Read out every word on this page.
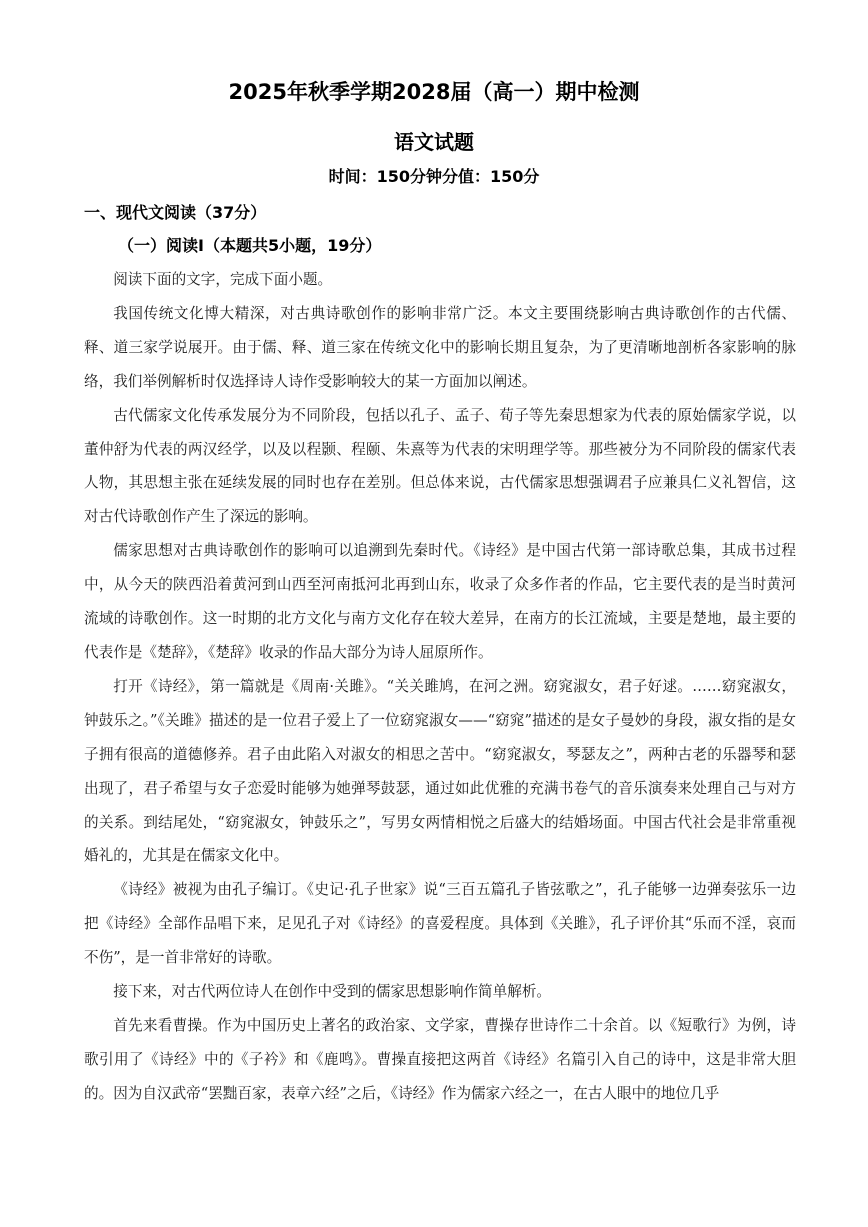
2025年秋季学期2028届（高一）期中检测
语文试题
时间：150分钟分值：150分
一、现代文阅读（37分）
（一）阅读Ⅰ（本题共5小题，19分）

阅读下面的文字，完成下面小题。

我国传统文化博大精深，对古典诗歌创作的影响非常广泛。本文主要围绕影响古典诗歌创作的古代儒、释、道三家学说展开。由于儒、释、道三家在传统文化中的影响长期且复杂，为了更清晰地剖析各家影响的脉络，我们举例解析时仅选择诗人诗作受影响较大的某一方面加以阐述。

古代儒家文化传承发展分为不同阶段，包括以孔子、孟子、荀子等先秦思想家为代表的原始儒家学说，以董仲舒为代表的两汉经学，以及以程颢、程颐、朱熹等为代表的宋明理学等。那些被分为不同阶段的儒家代表人物，其思想主张在延续发展的同时也存在差别。但总体来说，古代儒家思想强调君子应兼具仁义礼智信，这对古代诗歌创作产生了深远的影响。

儒家思想对古典诗歌创作的影响可以追溯到先秦时代。《诗经》是中国古代第一部诗歌总集，其成书过程中，从今天的陕西沿着黄河到山西至河南抵河北再到山东，收录了众多作者的作品，它主要代表的是当时黄河流域的诗歌创作。这一时期的北方文化与南方文化存在较大差异，在南方的长江流域，主要是楚地，最主要的代表作是《楚辞》，《楚辞》收录的作品大部分为诗人屈原所作。

打开《诗经》，第一篇就是《周南·关雎》。“关关雎鸠，在河之洲。窈窕淑女，君子好逑。……窈窕淑女，钟鼓乐之。”《关雎》描述的是一位君子爱上了一位窈窕淑女——“窈窕”描述的是女子曼妙的身段，淑女指的是女子拥有很高的道德修养。君子由此陷入对淑女的相思之苦中。“窈窕淑女，琴瑟友之”，两种古老的乐器琴和瑟出现了，君子希望与女子恋爱时能够为她弹琴鼓瑟，通过如此优雅的充满书卷气的音乐演奏来处理自己与对方的关系。到结尾处，“窈窕淑女，钟鼓乐之”，写男女两情相悦之后盛大的结婚场面。中国古代社会是非常重视婚礼的，尤其是在儒家文化中。

《诗经》被视为由孔子编订。《史记·孔子世家》说“三百五篇孔子皆弦歌之”，孔子能够一边弹奏弦乐一边把《诗经》全部作品唱下来，足见孔子对《诗经》的喜爱程度。具体到《关雎》，孔子评价其“乐而不淫，哀而不伤”，是一首非常好的诗歌。

接下来，对古代两位诗人在创作中受到的儒家思想影响作简单解析。

首先来看曹操。作为中国历史上著名的政治家、文学家，曹操存世诗作二十余首。以《短歌行》为例，诗歌引用了《诗经》中的《子衿》和《鹿鸣》。曹操直接把这两首《诗经》名篇引入自己的诗中，这是非常大胆的。因为自汉武帝“罢黜百家，表章六经”之后，《诗经》作为儒家六经之一，在古人眼中的地位几乎
